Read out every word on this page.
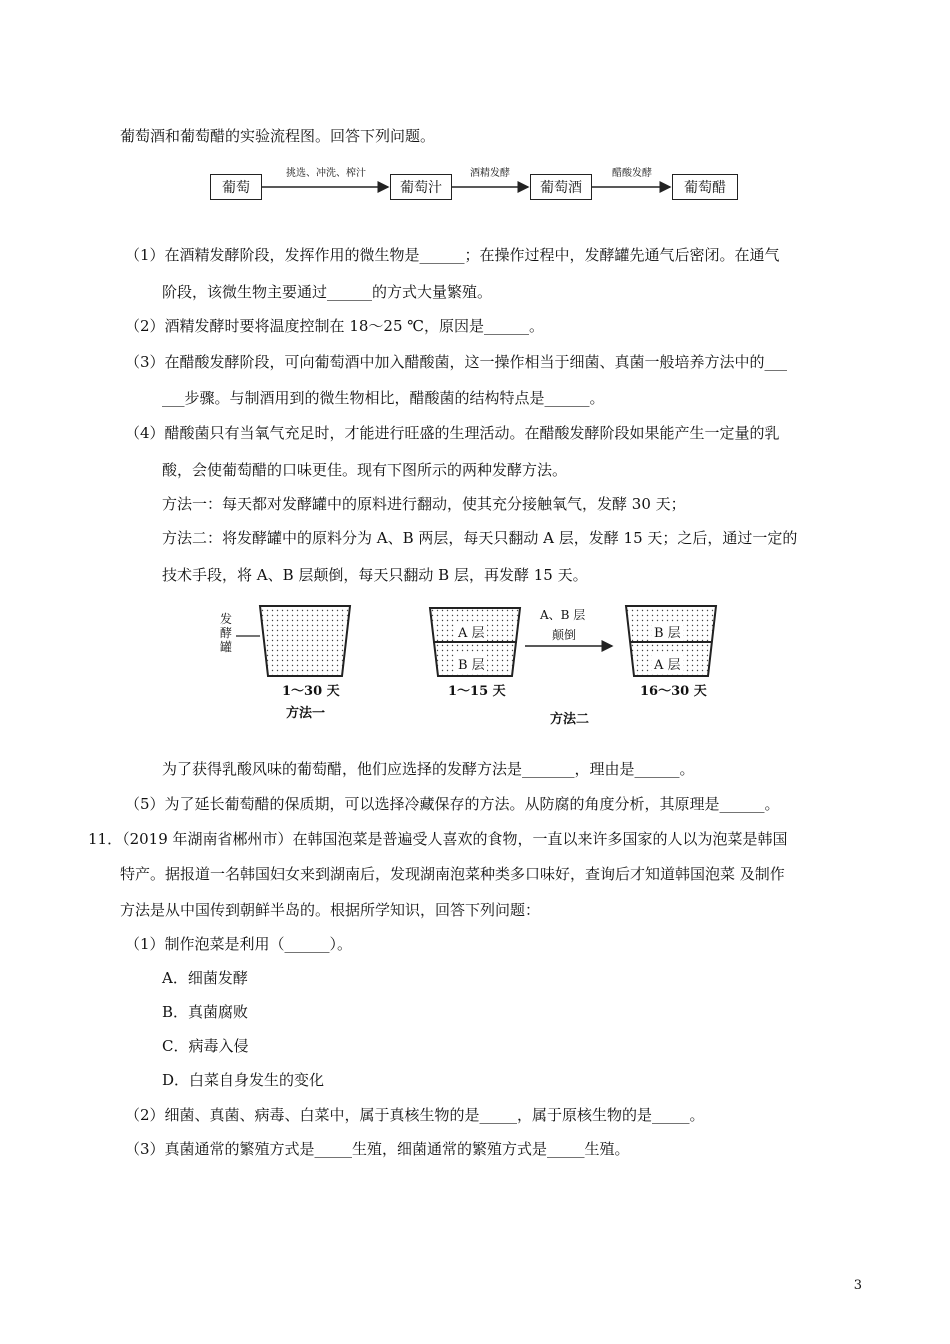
葡萄酒和葡萄醋的实验流程图。回答下列问题。
葡萄	葡萄汁	葡萄酒	葡萄醋
挑选、冲洗、榨汁	酒精发酵	醋酸发酵
（1）在酒精发酵阶段，发挥作用的微生物是______；在操作过程中，发酵罐先通气后密闭。在通气
阶段，该微生物主要通过______的方式大量繁殖。
（2）酒精发酵时要将温度控制在 18～25 ℃，原因是______。
（3）在醋酸发酵阶段，可向葡萄酒中加入醋酸菌，这一操作相当于细菌、真菌一般培养方法中的___
___步骤。与制酒用到的微生物相比，醋酸菌的结构特点是______。
（4）醋酸菌只有当氧气充足时，才能进行旺盛的生理活动。在醋酸发酵阶段如果能产生一定量的乳
酸，会使葡萄醋的口味更佳。现有下图所示的两种发酵方法。
方法一：每天都对发酵罐中的原料进行翻动，使其充分接触氧气，发酵 30 天；
方法二：将发酵罐中的原料分为 A、B 两层，每天只翻动 A 层，发酵 15 天；之后，通过一定的
技术手段，将 A、B 层颠倒，每天只翻动 B 层，再发酵 15 天。
发酵罐
A 层
B 层
B 层
A 层
A、B 层
颠倒
1～30 天	1～15 天	16～30 天
方法一	方法二
为了获得乳酸风味的葡萄醋，他们应选择的发酵方法是_______，理由是______。
（5）为了延长葡萄醋的保质期，可以选择冷藏保存的方法。从防腐的角度分析，其原理是______。
11．（2019 年湖南省郴州市）在韩国泡菜是普遍受人喜欢的食物，一直以来许多国家的人以为泡菜是韩国
特产。据报道一名韩国妇女来到湖南后，发现湖南泡菜种类多口味好，查询后才知道韩国泡菜 及制作
方法是从中国传到朝鲜半岛的。根据所学知识，回答下列问题：
（1）制作泡菜是利用（______）。
A．细菌发酵
B．真菌腐败
C．病毒入侵
D．白菜自身发生的变化
（2）细菌、真菌、病毒、白菜中，属于真核生物的是_____，属于原核生物的是_____。
（3）真菌通常的繁殖方式是_____生殖，细菌通常的繁殖方式是_____生殖。
3
